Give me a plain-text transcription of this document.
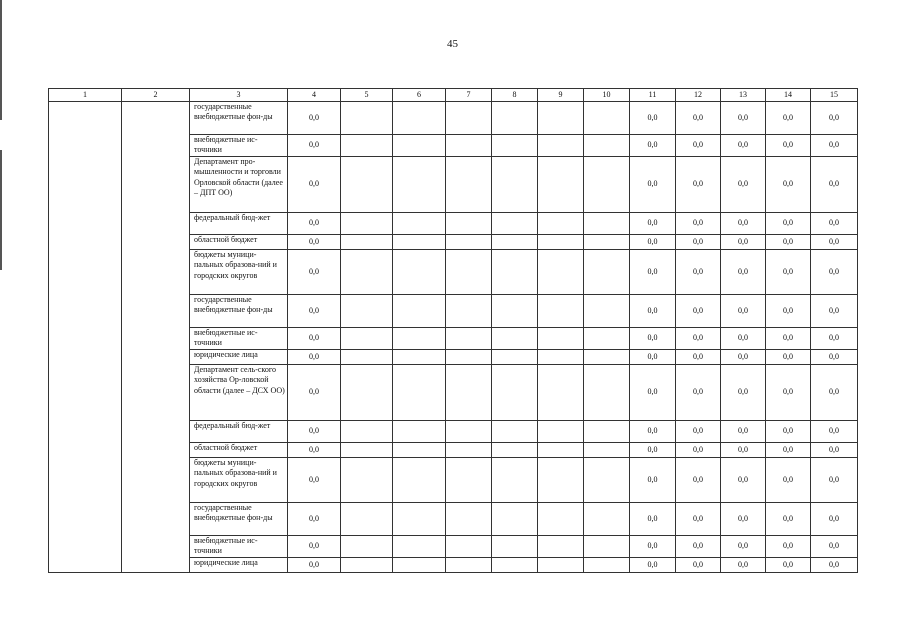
45
1	2	3	4	5	6	7	8	9	10	11	12	13	14	15
		государственные внебюджетные фон-ды	0,0							0,0	0,0	0,0	0,0	0,0
		внебюджетные ис-точники	0,0							0,0	0,0	0,0	0,0	0,0
		Департамент про-мышленности и торговли Орловской области (далее – ДПТ ОО)	0,0							0,0	0,0	0,0	0,0	0,0
		федеральный бюд-жет	0,0							0,0	0,0	0,0	0,0	0,0
		областной бюджет	0,0							0,0	0,0	0,0	0,0	0,0
		бюджеты муници-пальных образова-ний и городских округов	0,0							0,0	0,0	0,0	0,0	0,0
		государственные внебюджетные фон-ды	0,0							0,0	0,0	0,0	0,0	0,0
		внебюджетные ис-точники	0,0							0,0	0,0	0,0	0,0	0,0
		юридические лица	0,0							0,0	0,0	0,0	0,0	0,0
		Департамент сель-ского хозяйства Ор-ловской области (далее – ДСХ ОО)	0,0							0,0	0,0	0,0	0,0	0,0
		федеральный бюд-жет	0,0							0,0	0,0	0,0	0,0	0,0
		областной бюджет	0,0							0,0	0,0	0,0	0,0	0,0
		бюджеты муници-пальных образова-ний и городских округов	0,0							0,0	0,0	0,0	0,0	0,0
		государственные внебюджетные фон-ды	0,0							0,0	0,0	0,0	0,0	0,0
		внебюджетные ис-точники	0,0							0,0	0,0	0,0	0,0	0,0
		юридические лица	0,0							0,0	0,0	0,0	0,0	0,0
